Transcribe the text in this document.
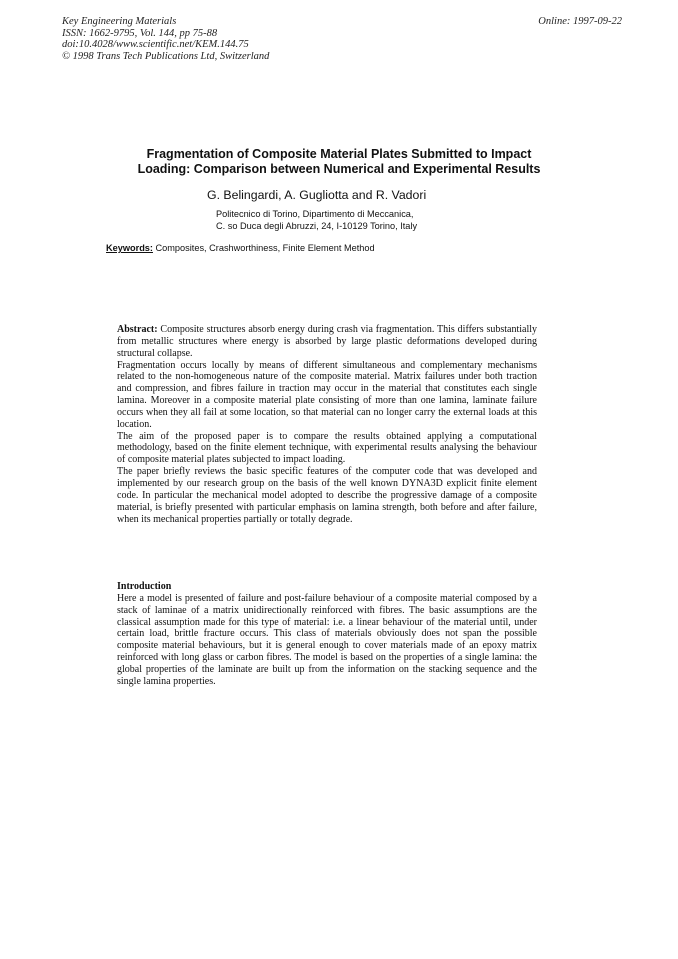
Key Engineering Materials
ISSN: 1662-9795, Vol. 144, pp 75-88
doi:10.4028/www.scientific.net/KEM.144.75
© 1998 Trans Tech Publications Ltd, Switzerland
Online: 1997-09-22
Fragmentation of Composite Material Plates Submitted to Impact
Loading: Comparison between Numerical and Experimental Results
G. Belingardi, A. Gugliotta and R. Vadori
Politecnico di Torino, Dipartimento di Meccanica,
C. so Duca degli Abruzzi, 24, I-10129 Torino, Italy
Keywords: Composites, Crashworthiness, Finite Element Method

Abstract: Composite structures absorb energy during crash via fragmentation. This differs substantially from metallic structures where energy is absorbed by large plastic deformations developed during structural collapse.

Fragmentation occurs locally by means of different simultaneous and complementary mechanisms related to the non-homogeneous nature of the composite material. Matrix failures under both traction and compression, and fibres failure in traction may occur in the material that constitutes each single lamina. Moreover in a composite material plate consisting of more than one lamina, laminate failure occurs when they all fail at some location, so that material can no longer carry the external loads at this location.

The aim of the proposed paper is to compare the results obtained applying a computational methodology, based on the finite element technique, with experimental results analysing the behaviour of composite material plates subjected to impact loading.

The paper briefly reviews the basic specific features of the computer code that was developed and implemented by our research group on the basis of the well known DYNA3D explicit finite element code. In particular the mechanical model adopted to describe the progressive damage of a composite material, is briefly presented with particular emphasis on lamina strength, both before and after failure, when its mechanical properties partially or totally degrade.

Introduction

Here a model is presented of failure and post-failure behaviour of a composite material composed by a stack of laminae of a matrix unidirectionally reinforced with fibres. The basic assumptions are the classical assumption made for this type of material: i.e. a linear behaviour of the material until, under certain load, brittle fracture occurs. This class of materials obviously does not span the possible composite material behaviours, but it is general enough to cover materials made of an epoxy matrix reinforced with long glass or carbon fibres. The model is based on the properties of a single lamina: the global properties of the laminate are built up from the information on the stacking sequence and the single lamina properties.
